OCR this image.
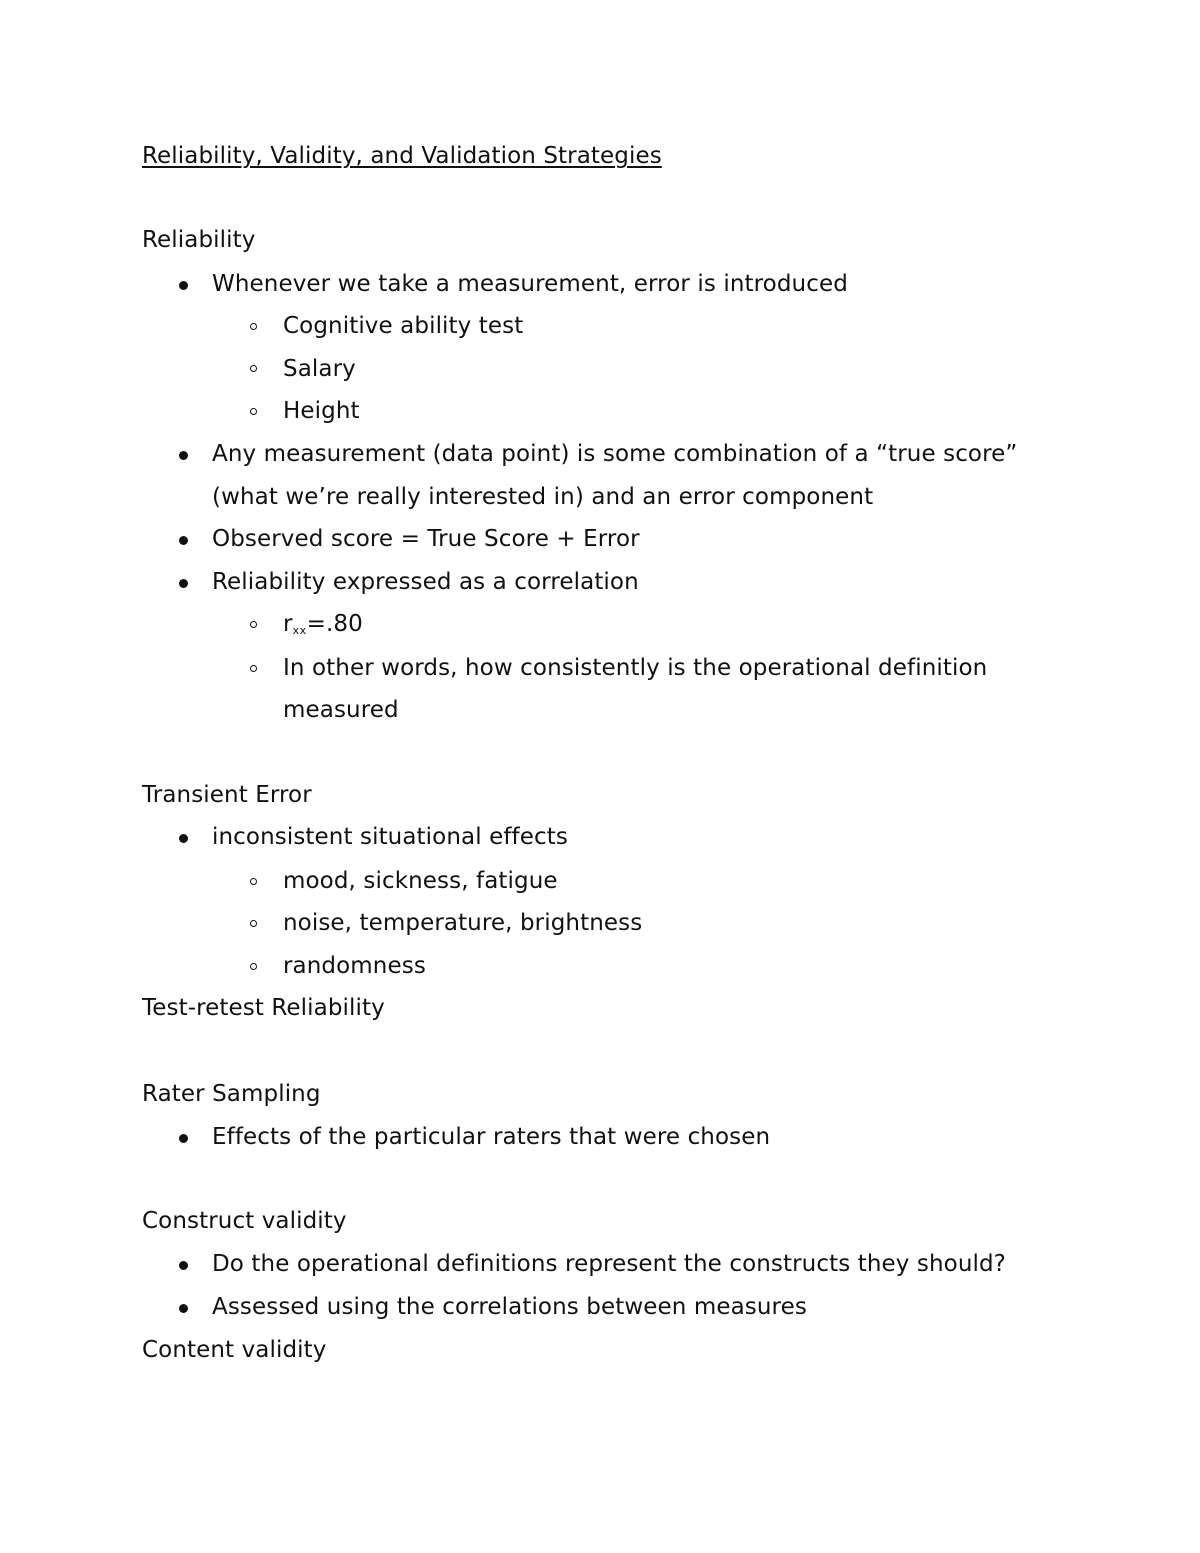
Reliability, Validity, and Validation Strategies
Reliability
Whenever we take a measurement, error is introduced
Cognitive ability test
Salary
Height
Any measurement (data point) is some combination of a “true score”
(what we’re really interested in) and an error component
Observed score = True Score + Error
Reliability expressed as a correlation
$r_{xx}=.80$
In other words, how consistently is the operational definition
measured
Transient Error
inconsistent situational effects
mood, sickness, fatigue
noise, temperature, brightness
randomness
Test-retest Reliability
Rater Sampling
Effects of the particular raters that were chosen
Construct validity
Do the operational definitions represent the constructs they should?
Assessed using the correlations between measures
Content validity
